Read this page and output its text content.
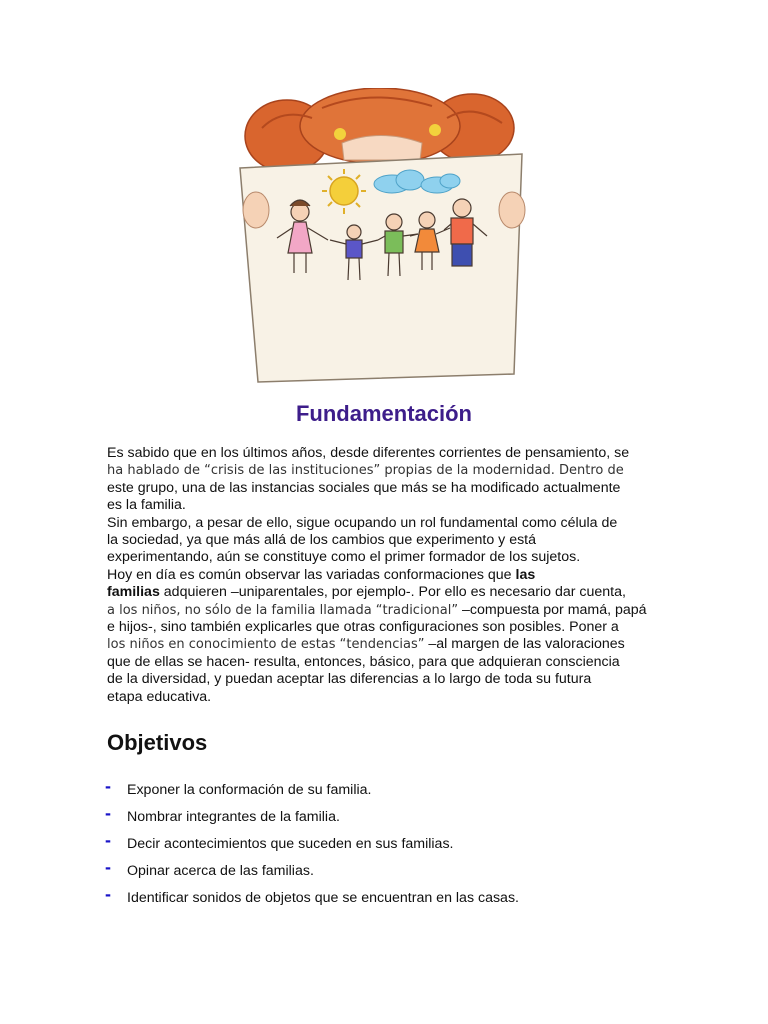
Fundamentación
Es sabido que en los últimos años, desde diferentes corrientes de pensamiento, se
ha hablado de “crisis de las instituciones” propias de la modernidad. Dentro de
este grupo, una de las instancias sociales que más se ha modificado actualmente
es la familia.
Sin embargo, a pesar de ello, sigue ocupando un rol fundamental como célula de
la sociedad, ya que más allá de los cambios que experimento y está
experimentando, aún se constituye como el primer formador de los sujetos.
Hoy en día es común observar las variadas conformaciones que las
familias adquieren –uniparentales, por ejemplo-. Por ello es necesario dar cuenta,
a los niños, no sólo de la familia llamada “tradicional” –compuesta por mamá, papá
e hijos-, sino también explicarles que otras configuraciones son posibles. Poner a
los niños en conocimiento de estas “tendencias” –al margen de las valoraciones
que de ellas se hacen- resulta, entonces, básico, para que adquieran consciencia
de la diversidad, y puedan aceptar las diferencias a lo largo de toda su futura
etapa educativa.
Objetivos
-	Exponer la conformación de su familia.
-	Nombrar integrantes de la familia.
-	Decir acontecimientos que suceden en sus familias.
-	Opinar acerca de las familias.
-	Identificar sonidos de objetos que se encuentran en las casas.
